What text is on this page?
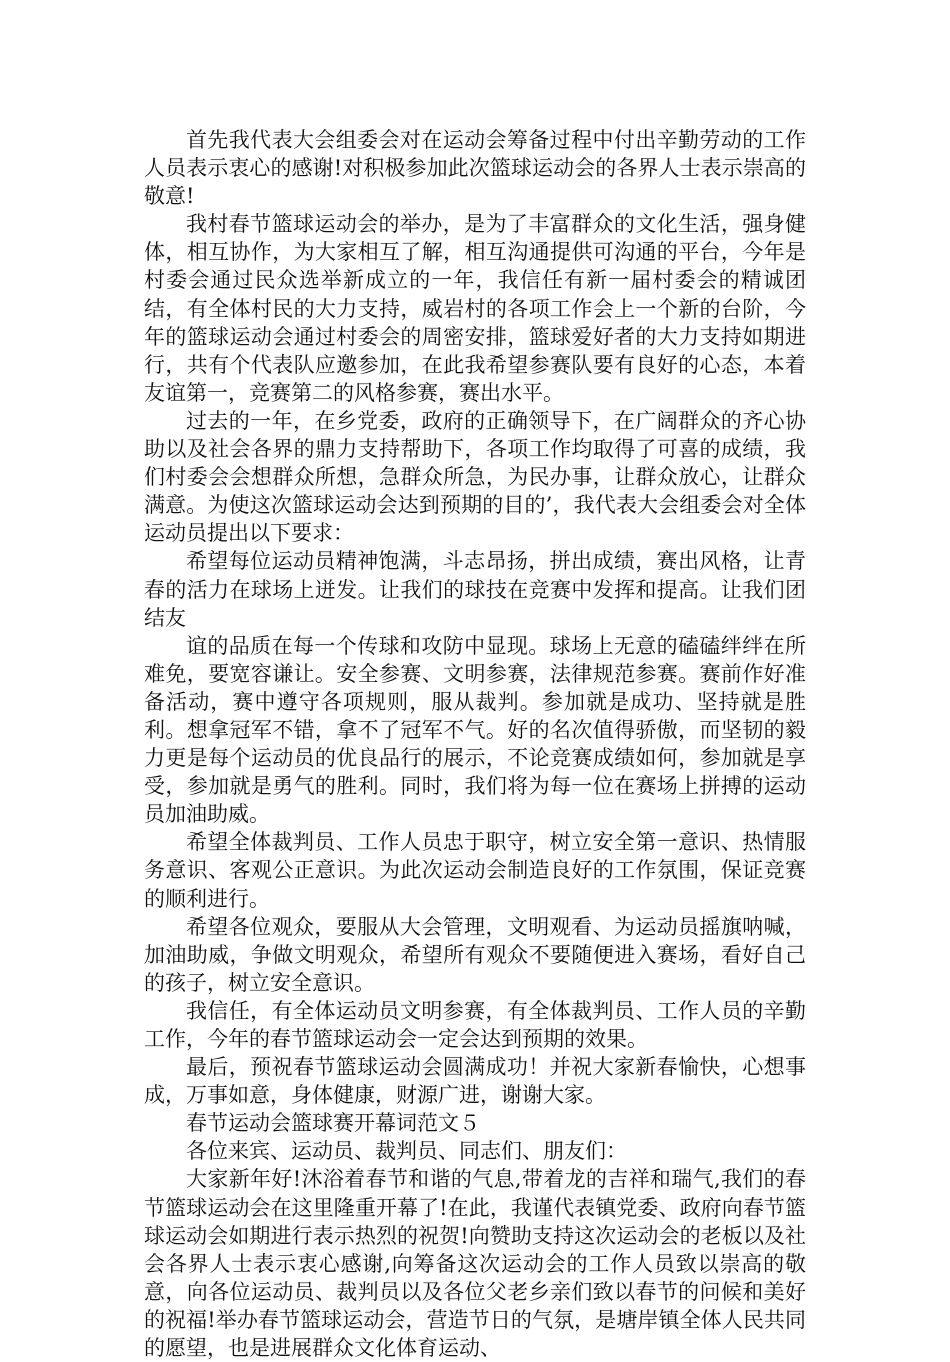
首先我代表大会组委会对在运动会筹备过程中付出辛勤劳动的工作人员表示衷心的感谢!对积极参加此次篮球运动会的各界人士表示崇高的敬意!

我村春节篮球运动会的举办，是为了丰富群众的文化生活，强身健体，相互协作，为大家相互了解，相互沟通提供可沟通的平台，今年是村委会通过民众选举新成立的一年，我信任有新一届村委会的精诚团结，有全体村民的大力支持，威岩村的各项工作会上一个新的台阶，今年的篮球运动会通过村委会的周密安排，篮球爱好者的大力支持如期进行，共有个代表队应邀参加，在此我希望参赛队要有良好的心态，本着友谊第一，竞赛第二的风格参赛，赛出水平。

过去的一年，在乡党委，政府的正确领导下，在广阔群众的齐心协助以及社会各界的鼎力支持帮助下，各项工作均取得了可喜的成绩，我们村委会会想群众所想，急群众所急，为民办事，让群众放心，让群众满意。为使这次篮球运动会达到预期的目的’，我代表大会组委会对全体运动员提出以下要求：

希望每位运动员精神饱满，斗志昂扬，拼出成绩，赛出风格，让青春的活力在球场上迸发。让我们的球技在竞赛中发挥和提高。让我们团结友

谊的品质在每一个传球和攻防中显现。球场上无意的磕磕绊绊在所难免，要宽容谦让。安全参赛、文明参赛，法律规范参赛。赛前作好准备活动，赛中遵守各项规则，服从裁判。参加就是成功、坚持就是胜利。想拿冠军不错，拿不了冠军不气。好的名次值得骄傲，而坚韧的毅力更是每个运动员的优良品行的展示，不论竞赛成绩如何，参加就是享受，参加就是勇气的胜利。同时，我们将为每一位在赛场上拼搏的运动员加油助威。

希望全体裁判员、工作人员忠于职守，树立安全第一意识、热情服务意识、客观公正意识。为此次运动会制造良好的工作氛围，保证竞赛的顺利进行。

希望各位观众，要服从大会管理，文明观看、为运动员摇旗呐喊，加油助威，争做文明观众，希望所有观众不要随便进入赛场，看好自己的孩子，树立安全意识。

我信任，有全体运动员文明参赛，有全体裁判员、工作人员的辛勤工作，今年的春节篮球运动会一定会达到预期的效果。

最后，预祝春节篮球运动会圆满成功！并祝大家新春愉快，心想事成，万事如意，身体健康，财源广进，谢谢大家。

春节运动会篮球赛开幕词范文５

各位来宾、运动员、裁判员、同志们、朋友们：

大家新年好!沐浴着春节和谐的气息,带着龙的吉祥和瑞气,我们的春节篮球运动会在这里隆重开幕了!在此，我谨代表镇党委、政府向春节篮球运动会如期进行表示热烈的祝贺!向赞助支持这次运动会的老板以及社会各界人士表示衷心感谢,向筹备这次运动会的工作人员致以崇高的敬意，向各位运动员、裁判员以及各位父老乡亲们致以春节的问候和美好的祝福!举办春节篮球运动会，营造节日的气氛，是塘岸镇全体人民共同的愿望，也是进展群众文化体育运动、
